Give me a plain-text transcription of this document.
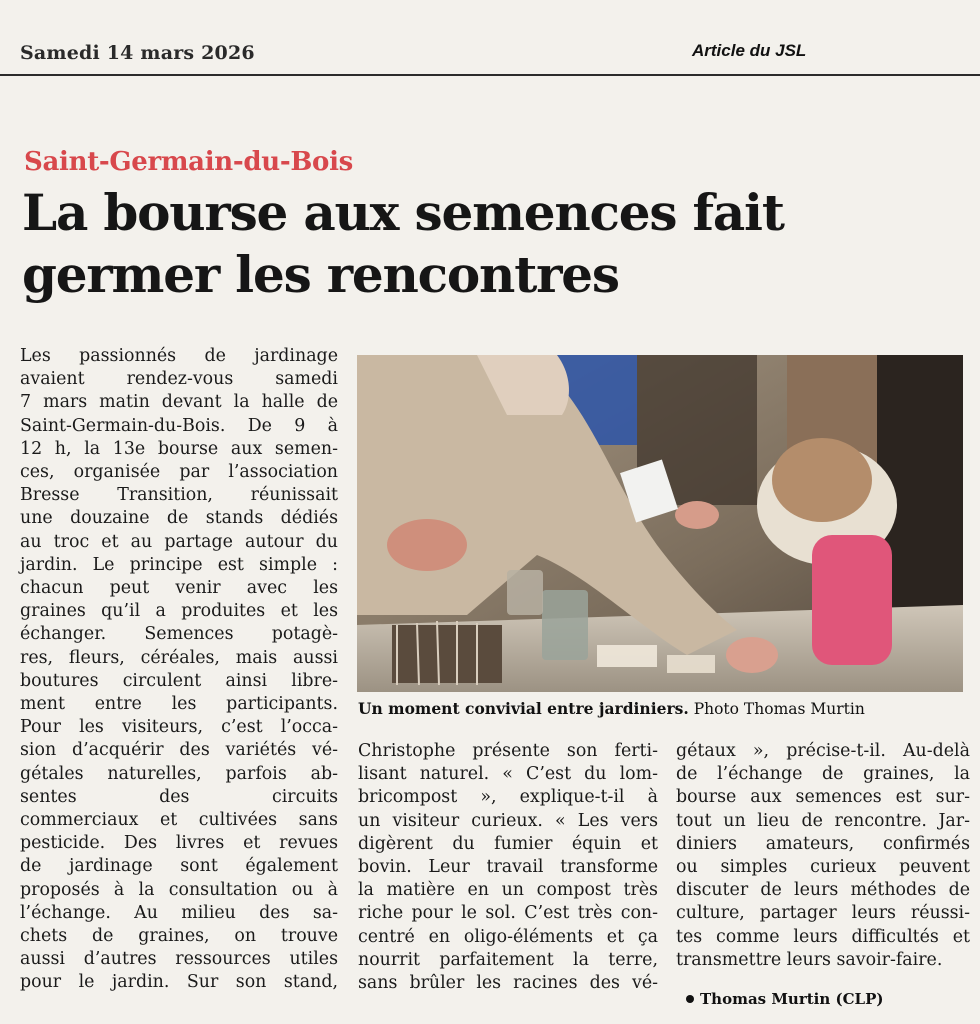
Samedi 14 mars 2026	Article du JSL
Saint-Germain-du-Bois
La bourse aux semences fait germer les rencontres
Les passionnés de jardinage
avaient rendez-vous samedi
7 mars matin devant la halle de
Saint-Germain-du-Bois. De 9 à
12 h, la 13e bourse aux semen-
ces, organisée par l’association
Bresse Transition, réunissait
une douzaine de stands dédiés
au troc et au partage autour du
jardin. Le principe est simple :
chacun peut venir avec les
graines qu’il a produites et les
échanger. Semences potagè-
res, fleurs, céréales, mais aussi
boutures circulent ainsi libre-
ment entre les participants.
Pour les visiteurs, c’est l’occa-
sion d’acquérir des variétés vé-
gétales naturelles, parfois ab-
sentes des circuits
commerciaux et cultivées sans
pesticide. Des livres et revues
de jardinage sont également
proposés à la consultation ou à
l’échange. Au milieu des sa-
chets de graines, on trouve
aussi d’autres ressources utiles
pour le jardin. Sur son stand,
Un moment convivial entre jardiniers. Photo Thomas Murtin
Christophe présente son ferti-
lisant naturel. « C’est du lom-
bricompost », explique-t-il à
un visiteur curieux. « Les vers
digèrent du fumier équin et
bovin. Leur travail transforme
la matière en un compost très
riche pour le sol. C’est très con-
centré en oligo-éléments et ça
nourrit parfaitement la terre,
sans brûler les racines des vé-
gétaux », précise-t-il. Au-delà
de l’échange de graines, la
bourse aux semences est sur-
tout un lieu de rencontre. Jar-
diniers amateurs, confirmés
ou simples curieux peuvent
discuter de leurs méthodes de
culture, partager leurs réussi-
tes comme leurs difficultés et
transmettre leurs savoir-faire.
Thomas Murtin (CLP)
